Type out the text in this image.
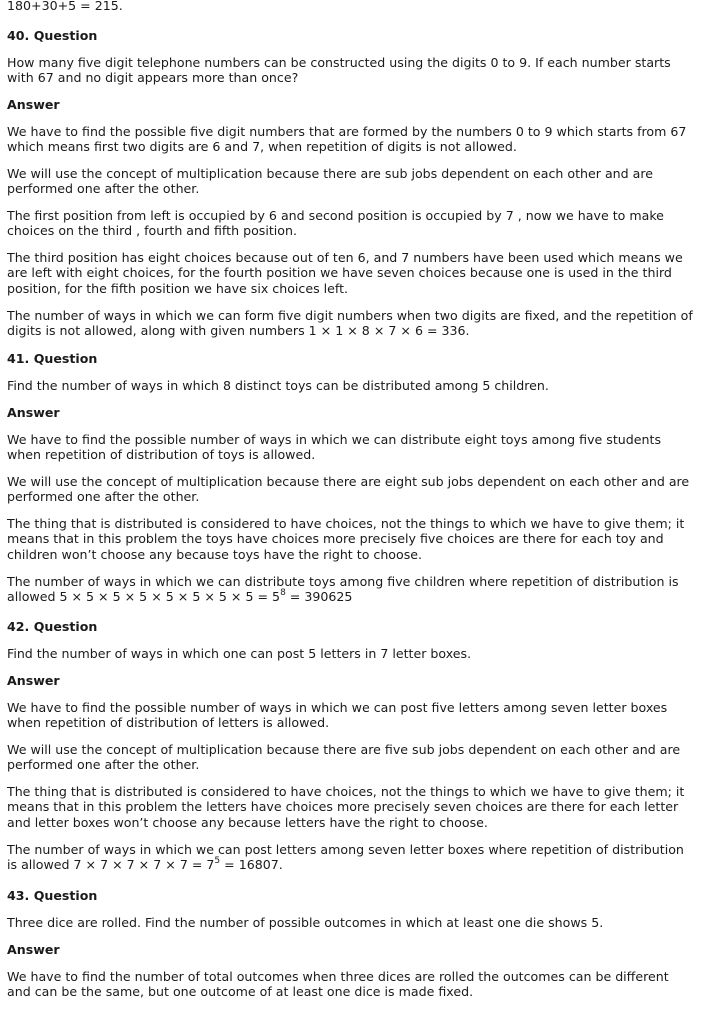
180+30+5 = 215.

40. Question

How many five digit telephone numbers can be constructed using the digits 0 to 9. If each number starts with 67 and no digit appears more than once?

Answer

We have to find the possible five digit numbers that are formed by the numbers 0 to 9 which starts from 67 which means first two digits are 6 and 7, when repetition of digits is not allowed.

We will use the concept of multiplication because there are sub jobs dependent on each other and are performed one after the other.

The first position from left is occupied by 6 and second position is occupied by 7 , now we have to make choices on the third , fourth and fifth position.

The third position has eight choices because out of ten 6, and 7 numbers have been used which means we are left with eight choices, for the fourth position we have seven choices because one is used in the third position, for the fifth position we have six choices left.

The number of ways in which we can form five digit numbers when two digits are fixed, and the repetition of digits is not allowed, along with given numbers 1 × 1 × 8 × 7 × 6 = 336.

41. Question

Find the number of ways in which 8 distinct toys can be distributed among 5 children.

Answer

We have to find the possible number of ways in which we can distribute eight toys among five students when repetition of distribution of toys is allowed.

We will use the concept of multiplication because there are eight sub jobs dependent on each other and are performed one after the other.

The thing that is distributed is considered to have choices, not the things to which we have to give them; it means that in this problem the toys have choices more precisely five choices are there for each toy and children won’t choose any because toys have the right to choose.

The number of ways in which we can distribute toys among five children where repetition of distribution is allowed $5 \times 5 \times 5 \times 5 \times 5 \times 5 \times 5 \times 5 = 5^8 = 390625$

42. Question

Find the number of ways in which one can post 5 letters in 7 letter boxes.

Answer

We have to find the possible number of ways in which we can post five letters among seven letter boxes when repetition of distribution of letters is allowed.

We will use the concept of multiplication because there are five sub jobs dependent on each other and are performed one after the other.

The thing that is distributed is considered to have choices, not the things to which we have to give them; it means that in this problem the letters have choices more precisely seven choices are there for each letter and letter boxes won’t choose any because letters have the right to choose.

The number of ways in which we can post letters among seven letter boxes where repetition of distribution is allowed $7 \times 7 \times 7 \times 7 \times 7 = 7^5 = 16807$.

43. Question

Three dice are rolled. Find the number of possible outcomes in which at least one die shows 5.

Answer

We have to find the number of total outcomes when three dices are rolled the outcomes can be different and can be the same, but one outcome of at least one dice is made fixed.
